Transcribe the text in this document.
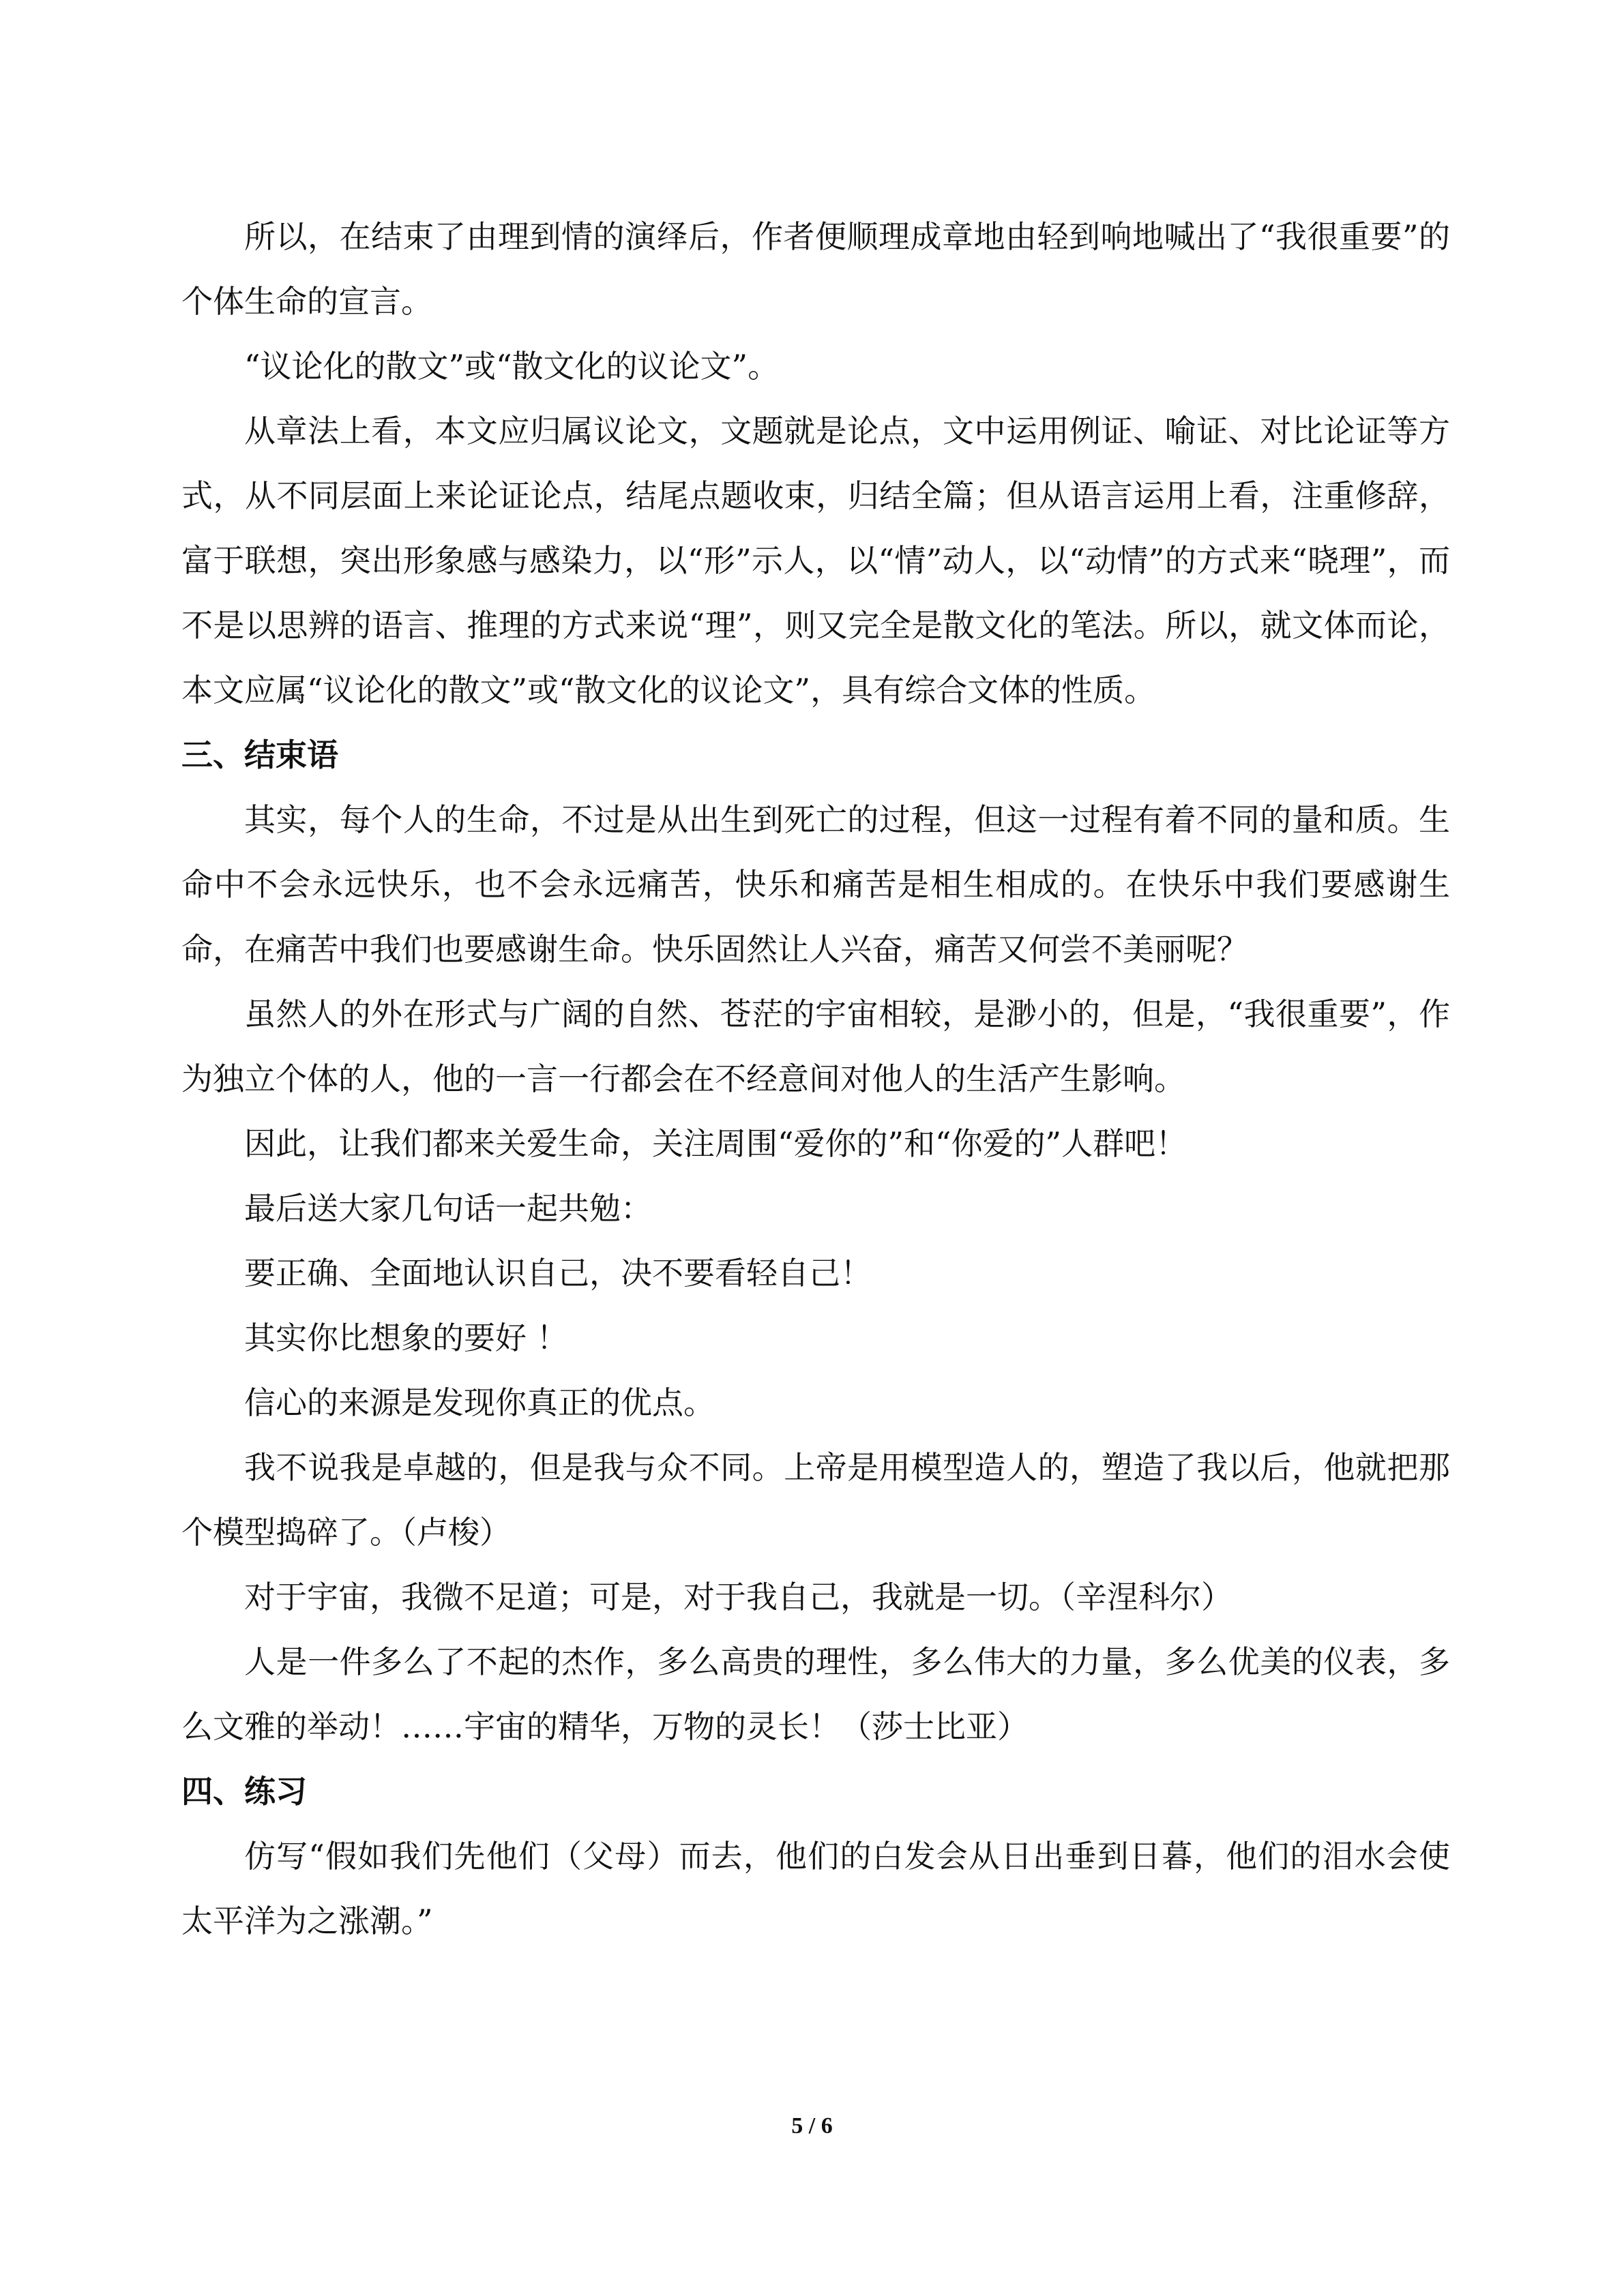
所以，在结束了由理到情的演绎后，作者便顺理成章地由轻到响地喊出了“我很重要”的个体生命的宣言。

“议论化的散文”或“散文化的议论文”。

从章法上看，本文应归属议论文，文题就是论点，文中运用例证、喻证、对比论证等方式，从不同层面上来论证论点，结尾点题收束，归结全篇；但从语言运用上看，注重修辞，富于联想，突出形象感与感染力，以“形”示人，以“情”动人，以“动情”的方式来“晓理”，而不是以思辨的语言、推理的方式来说“理”，则又完全是散文化的笔法。所以，就文体而论，本文应属“议论化的散文”或“散文化的议论文”，具有综合文体的性质。

三、结束语

其实，每个人的生命，不过是从出生到死亡的过程，但这一过程有着不同的量和质。生命中不会永远快乐，也不会永远痛苦，快乐和痛苦是相生相成的。在快乐中我们要感谢生命，在痛苦中我们也要感谢生命。快乐固然让人兴奋，痛苦又何尝不美丽呢？

虽然人的外在形式与广阔的自然、苍茫的宇宙相较，是渺小的，但是，“我很重要”，作为独立个体的人，他的一言一行都会在不经意间对他人的生活产生影响。

因此，让我们都来关爱生命，关注周围“爱你的”和“你爱的”人群吧！

最后送大家几句话一起共勉：

要正确、全面地认识自己，决不要看轻自己！

其实你比想象的要好 ！

信心的来源是发现你真正的优点。

我不说我是卓越的，但是我与众不同。上帝是用模型造人的，塑造了我以后，他就把那个模型捣碎了。（卢梭）

对于宇宙，我微不足道；可是，对于我自己，我就是一切。（辛涅科尔）

人是一件多么了不起的杰作，多么高贵的理性，多么伟大的力量，多么优美的仪表，多么文雅的举动！……宇宙的精华，万物的灵长！（莎士比亚）

四、练习

仿写“假如我们先他们（父母）而去，他们的白发会从日出垂到日暮，他们的泪水会使太平洋为之涨潮。”

5 / 6
